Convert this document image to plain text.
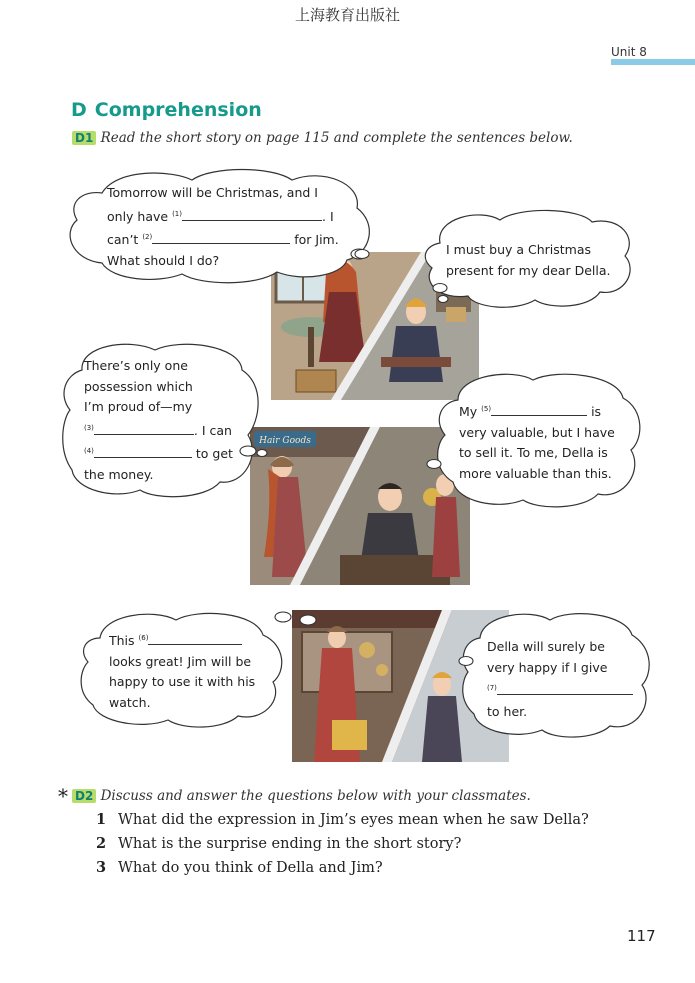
上海教育出版社
Unit 8
D Comprehension
D1 Read the short story on page 115 and complete the sentences below.
Hair Goods
Tomorrow will be Christmas, and I
only have $^{(1)}$	. I
can’t $^{(2)}$	for Jim.
What should I do?
I must buy a Christmas
present for my dear Della.
There’s only one
possession which
I’m proud of—my
$^{(3)}$	. I can
$^{(4)}$	to get
the money.
My $^{(5)}$	is
very valuable, but I have
to sell it. To me, Della is
more valuable than this.
This $^{(6)}$
looks great! Jim will be
happy to use it with his
watch.
Della will surely be
very happy if I give
$^{(7)}$
to her.
* D2 Discuss and answer the questions below with your classmates.
1 What did the expression in Jim’s eyes mean when he saw Della?
2 What is the surprise ending in the short story?
3 What do you think of Della and Jim?
117
